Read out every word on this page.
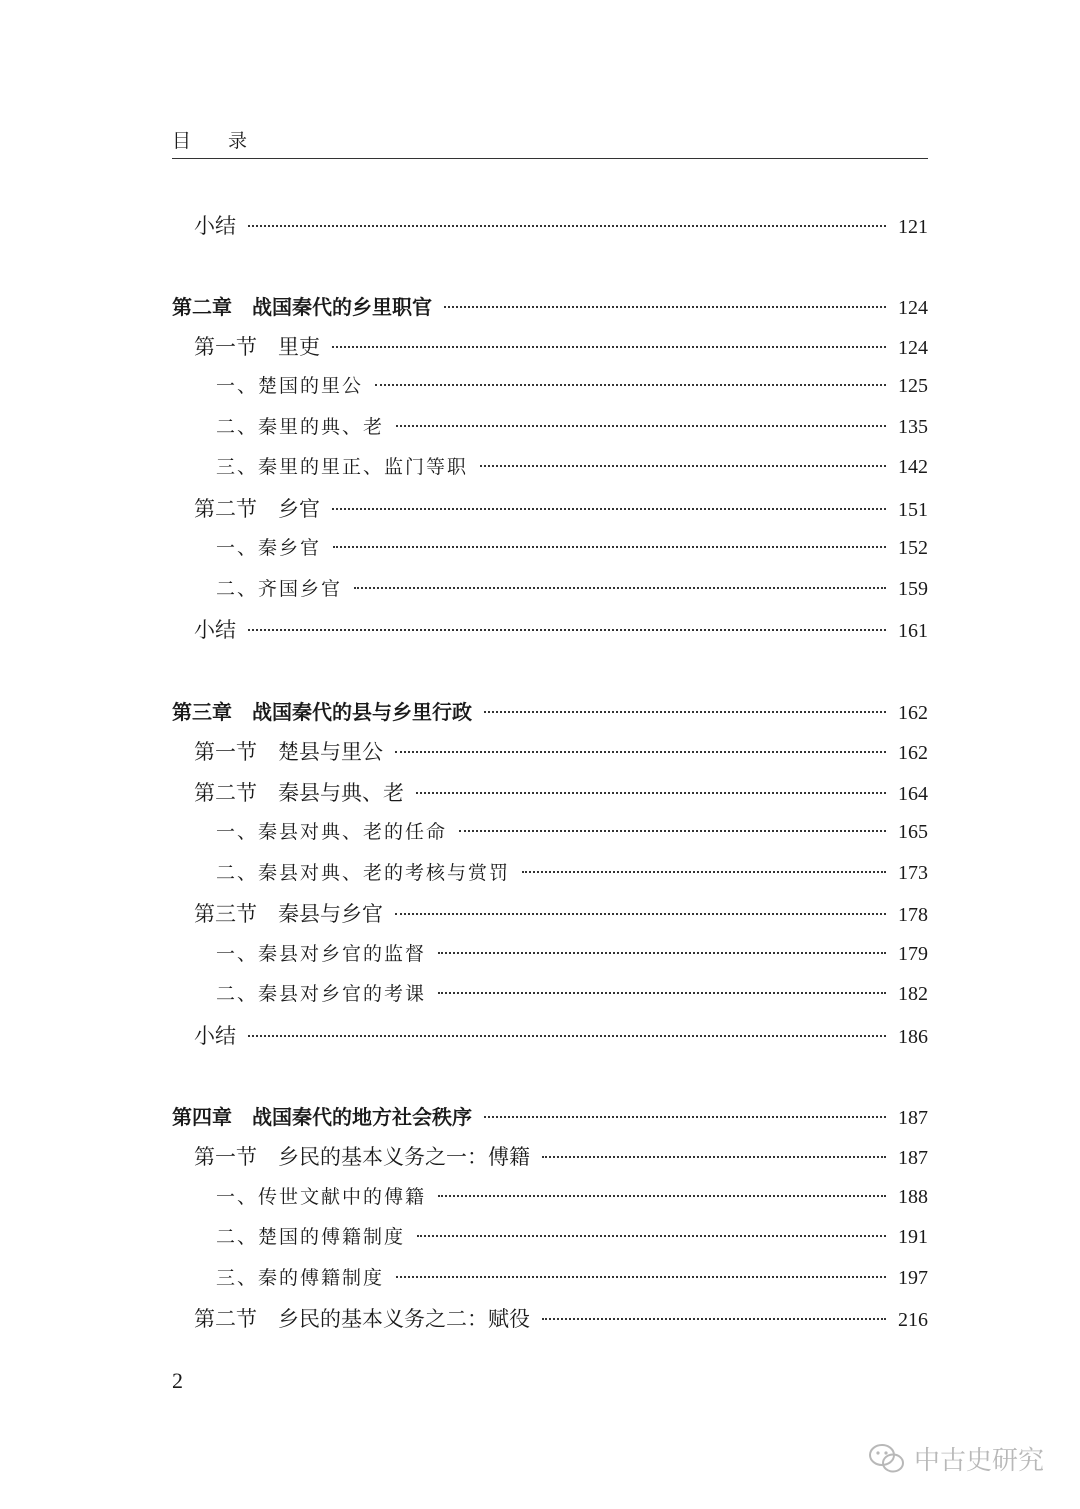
目 录
小结	121
第二章　战国秦代的乡里职官	124
第一节　里吏	124
一、楚国的里公	125
二、秦里的典、老	135
三、秦里的里正、监门等职	142
第二节　乡官	151
一、秦乡官	152
二、齐国乡官	159
小结	161
第三章　战国秦代的县与乡里行政	162
第一节　楚县与里公	162
第二节　秦县与典、老	164
一、秦县对典、老的任命	165
二、秦县对典、老的考核与赏罚	173
第三节　秦县与乡官	178
一、秦县对乡官的监督	179
二、秦县对乡官的考课	182
小结	186
第四章　战国秦代的地方社会秩序	187
第一节　乡民的基本义务之一：傅籍	187
一、传世文献中的傅籍	188
二、楚国的傅籍制度	191
三、秦的傅籍制度	197
第二节　乡民的基本义务之二：赋役	216
2
中古史研究
